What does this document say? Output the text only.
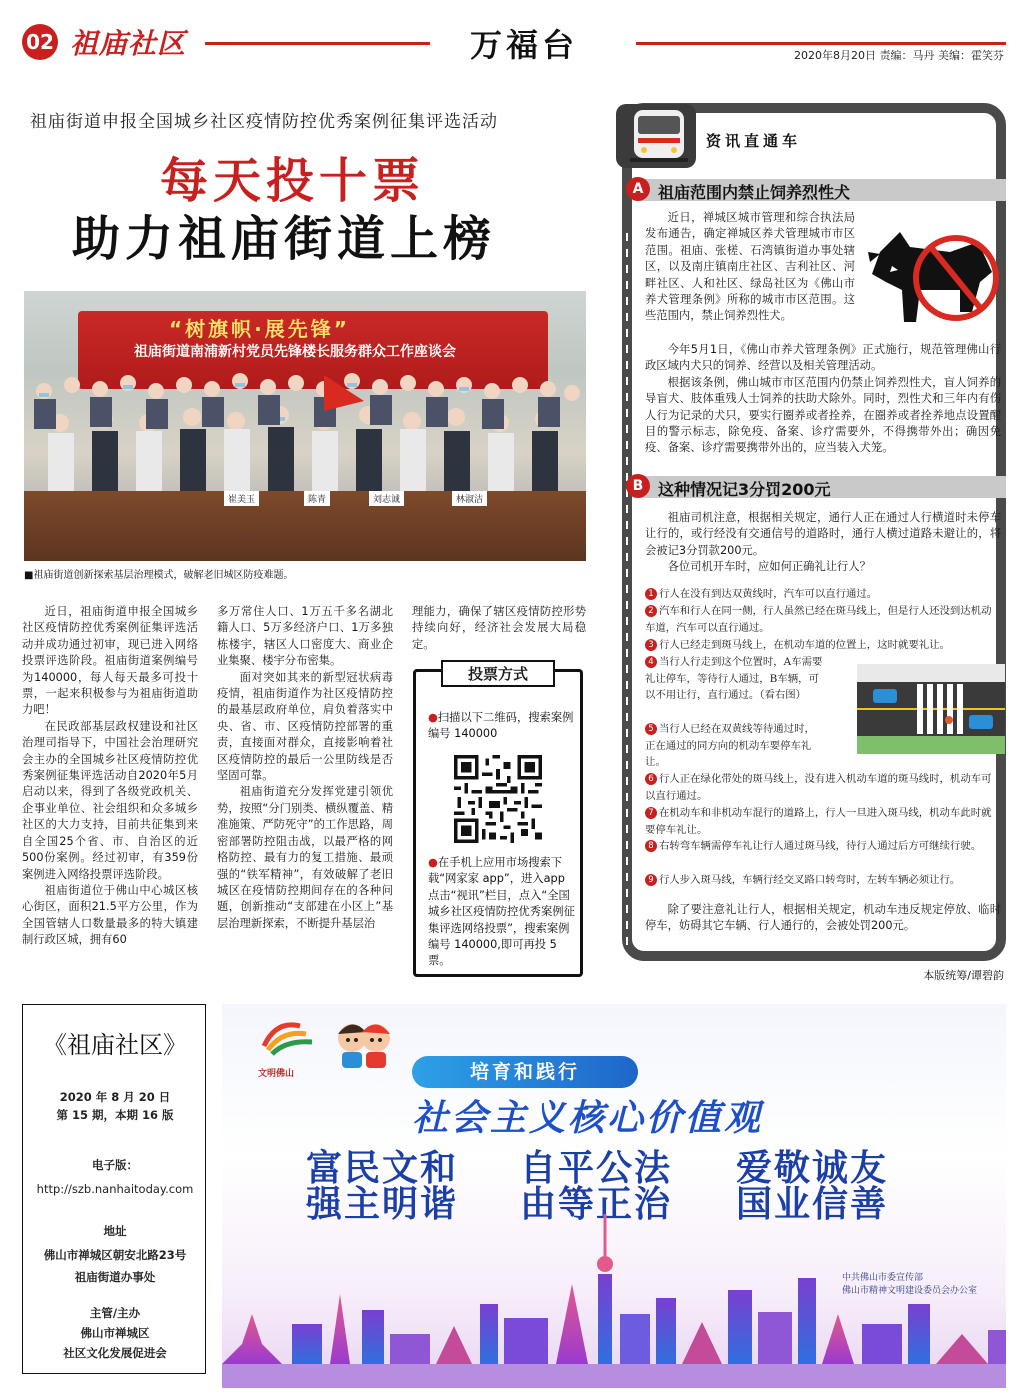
02 祖庙社区	万福台	2020年8月20日 责编：马丹 美编：霍笑芬
祖庙街道申报全国城乡社区疫情防控优秀案例征集评选活动
每天投十票
助力祖庙街道上榜
“树旗帜·展先锋”
祖庙街道南浦新村党员先锋楼长服务群众工作座谈会
崔美玉	陈青	刘志诚	林淑洁
■祖庙街道创新探索基层治理模式，破解老旧城区防疫难题。

近日，祖庙街道申报全国城乡社区疫情防控优秀案例征集评选活动并成功通过初审，现已进入网络投票评选阶段。祖庙街道案例编号为140000，每人每天最多可投十票，一起来积极参与为祖庙街道助力吧！

在民政部基层政权建设和社区治理司指导下，中国社会治理研究会主办的全国城乡社区疫情防控优秀案例征集评选活动自2020年5月启动以来，得到了各级党政机关、企事业单位、社会组织和众多城乡社区的大力支持，目前共征集到来自全国25个省、市、自治区的近500份案例。经过初审，有359份案例进入网络投票评选阶段。

祖庙街道位于佛山中心城区核心街区，面积21.5平方公里，作为全国管辖人口数量最多的特大镇建制行政区城，拥有60

多万常住人口、1万五千多名湖北籍人口、5万多经济户口、1万多独栋楼宇，辖区人口密度大、商业企业集聚、楼宇分布密集。

面对突如其来的新型冠状病毒疫情，祖庙街道作为社区疫情防控的最基层政府单位，肩负着落实中央、省、市、区疫情防控部署的重责，直接面对群众，直接影响着社区疫情防控的最后一公里防线是否坚固可靠。

祖庙街道充分发挥党建引领优势，按照“分门别类、横纵覆盖、精准施策、严防死守”的工作思路，周密部署防控阻击战，以最严格的网格防控、最有力的复工措施、最顽强的“铁军精神”，有效破解了老旧城区在疫情防控期间存在的各种问题，创新推动“支部建在小区上”基层治理新探索，不断提升基层治

理能力，确保了辖区疫情防控形势持续向好，经济社会发展大局稳定。

投票方式
●扫描以下二维码，搜索案例编号 140000
●在手机上应用市场搜索下载“网家家 app”，进入app 点击“视讯”栏目，点入“全国城乡社区疫情防控优秀案例征集评选网络投票”，搜索案例编号 140000,即可再投 5 票。
资讯直通车
A 祖庙范围内禁止饲养烈性犬

近日，禅城区城市管理和综合执法局发布通告，确定禅城区养犬管理城市市区范围。祖庙、张槎、石湾镇街道办事处辖区，以及南庄镇南庄社区、吉利社区、河畔社区、人和社区、绿岛社区为《佛山市养犬管理条例》所称的城市市区范围。这些范围内，禁止饲养烈性犬。

今年5月1日，《佛山市养犬管理条例》正式施行，规范管理佛山行政区域内犬只的饲养、经营以及相关管理活动。

根据该条例，佛山城市市区范围内仍禁止饲养烈性犬，盲人饲养的导盲犬、肢体重残人士饲养的扶助犬除外。同时，烈性犬和三年内有伤人行为记录的犬只，要实行圈养或者拴养，在圈养或者拴养地点设置醒目的警示标志，除免疫、备案、诊疗需要外，不得携带外出；确因免疫、备案、诊疗需要携带外出的，应当装入犬笼。

B 这种情况记3分罚200元

祖庙司机注意，根据相关规定，通行人正在通过人行横道时未停车让行的，或行经没有交通信号的道路时，通行人横过道路未避让的，将会被记3分罚款200元。

各位司机开车时，应如何正确礼让行人？

1 行人在没有到达双黄线时，汽车可以直行通过。
2 汽车和行人在同一侧，行人虽然已经在斑马线上，但是行人还没到达机动车道，汽车可以直行通过。
3 行人已经走到斑马线上，在机动车道的位置上，这时就要礼让。
4 当行人行走到这个位置时，A车需要礼让停车，等待行人通过，B车辆，可以不用让行，直行通过。（看右图）
5 当行人已经在双黄线等待通过时，正在通过的同方向的机动车要停车礼让。
6 行人正在绿化带处的斑马线上，没有进入机动车道的斑马线时，机动车可以直行通过。
7 在机动车和非机动车混行的道路上，行人一旦进入斑马线，机动车此时就要停车礼让。
8 右转弯车辆需停车礼让行人通过斑马线，待行人通过后方可继续行驶。
9 行人步入斑马线，车辆行经交叉路口转弯时，左转车辆必须让行。

除了要注意礼让行人，根据相关规定，机动车违反规定停放、临时停车，妨碍其它车辆、行人通行的，会被处罚200元。

本版统筹/谭碧韵
《祖庙社区》
2020 年 8 月 20 日
第 15 期，本期 16 版
电子版：
http://szb.nanhaitoday.com
地址
佛山市禅城区朝安北路23号
祖庙街道办事处
主管/主办
佛山市禅城区
社区文化发展促进会
文明佛山	培育和践行
社会主义核心价值观
富民文和
强主明谐
自平公法
由等正治
爱敬诚友
国业信善
中共佛山市委宣传部
佛山市精神文明建设委员会办公室
